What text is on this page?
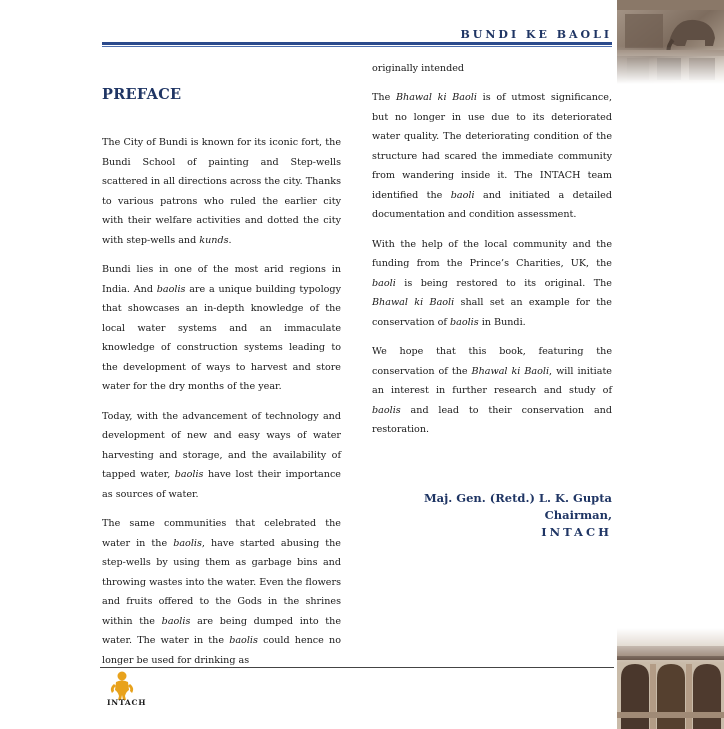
BUNDI KE BAOLI
PREFACE

The City of Bundi is known for its iconic fort, the Bundi School of painting and Step-wells scattered in all directions across the city. Thanks to various patrons who ruled the earlier city with their welfare activities and dotted the city with step-wells and kunds.

Bundi lies in one of the most arid regions in India. And baolis are a unique building typology that showcases an in-depth knowledge of the local water systems and an immaculate knowledge of construction systems leading to the development of ways to harvest and store water for the dry months of the year.

Today, with the advancement of technology and development of new and easy ways of water harvesting and storage, and the availability of tapped water, baolis have lost their importance as sources of water.

The same communities that celebrated the water in the baolis, have started abusing the step-wells by using them as garbage bins and throwing wastes into the water. Even the flowers and fruits offered to the Gods in the shrines within the baolis are being dumped into the water. The water in the baolis could hence no longer be used for drinking as

originally intended

The Bhawal ki Baoli is of utmost significance, but no longer in use due to its deteriorated water quality. The deteriorating condition of the structure had scared the immediate community from wandering inside it. The INTACH team identified the baoli and initiated a detailed documentation and condition assessment.

With the help of the local community and the funding from the Prince’s Charities, UK, the baoli is being restored to its original. The Bhawal ki Baoli shall set an example for the conservation of baolis in Bundi.

We hope that this book, featuring the conservation of the Bhawal ki Baoli, will initiate an interest in further research and study of baolis and lead to their conservation and restoration.

Maj. Gen. (Retd.) L. K. Gupta
Chairman,
INTACH
INTACH
